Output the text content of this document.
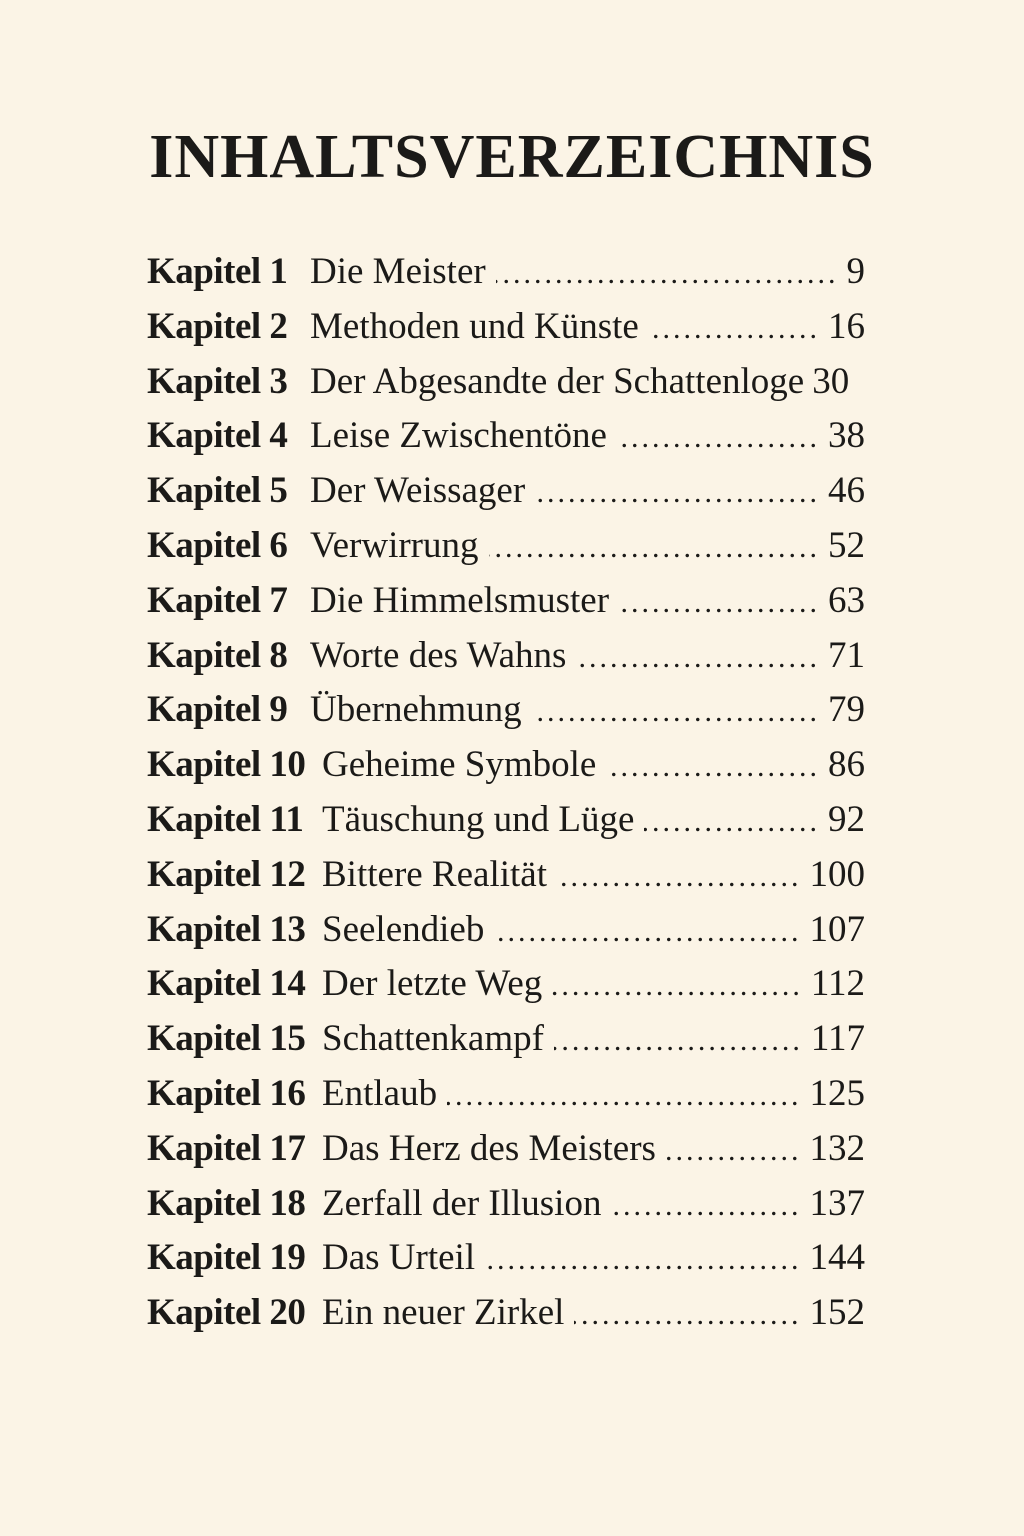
INHALTSVERZEICHNIS
Kapitel 1 Die Meister .....	9
Kapitel 2 Methoden und Künste .....	16
Kapitel 3 Der Abgesandte der Schattenloge 30
Kapitel 4 Leise Zwischentöne .....	38
Kapitel 5 Der Weissager .....	46
Kapitel 6 Verwirrung .....	52
Kapitel 7 Die Himmelsmuster .....	63
Kapitel 8 Worte des Wahns .....	71
Kapitel 9 Übernehmung .....	79
Kapitel 10 Geheime Symbole .....	86
Kapitel 11 Täuschung und Lüge .....	92
Kapitel 12 Bittere Realität .....	100
Kapitel 13 Seelendieb .....	107
Kapitel 14 Der letzte Weg .....	112
Kapitel 15 Schattenkampf .....	117
Kapitel 16 Entlaub .....	125
Kapitel 17 Das Herz des Meisters .....	132
Kapitel 18 Zerfall der Illusion .....	137
Kapitel 19 Das Urteil .....	144
Kapitel 20 Ein neuer Zirkel .....	152
